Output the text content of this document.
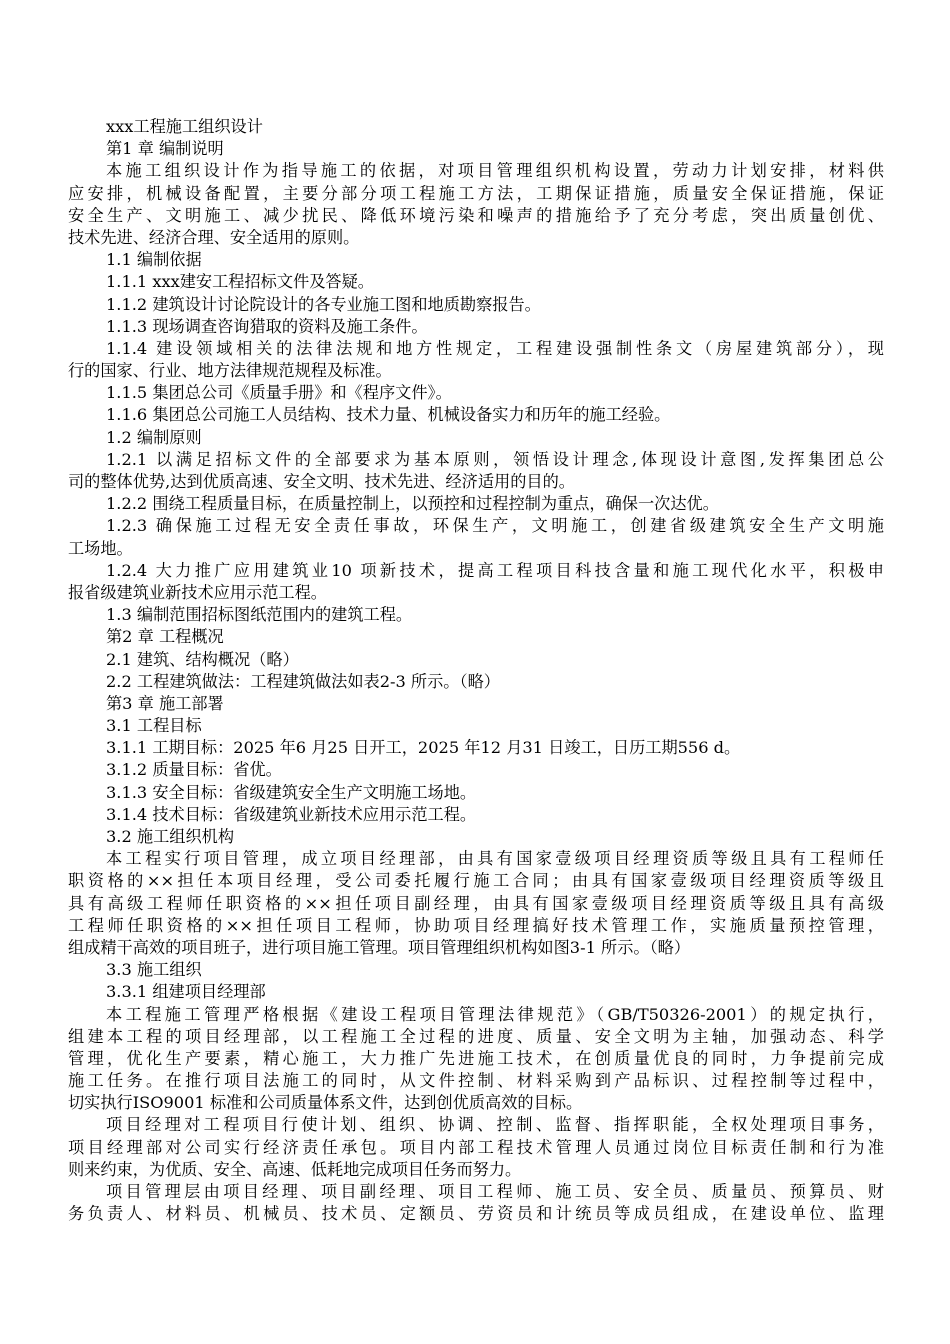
xxx工程施工组织设计
第1 章 编制说明
本施工组织设计作为指导施工的依据，对项目管理组织机构设置，劳动力计划安排，材料供
应安排，机械设备配置，主要分部分项工程施工方法，工期保证措施，质量安全保证措施，保证
安全生产、文明施工、减少扰民、降低环境污染和噪声的措施给予了充分考虑，突出质量创优、
技术先进、经济合理、安全适用的原则。
1.1 编制依据
1.1.1 xxx建安工程招标文件及答疑。
1.1.2 建筑设计讨论院设计的各专业施工图和地质勘察报告。
1.1.3 现场调查咨询猎取的资料及施工条件。
1.1.4 建设领域相关的法律法规和地方性规定，工程建设强制性条文（房屋建筑部分），现
行的国家、行业、地方法律规范规程及标准。
1.1.5 集团总公司《质量手册》和《程序文件》。
1.1.6 集团总公司施工人员结构、技术力量、机械设备实力和历年的施工经验。
1.2 编制原则
1.2.1 以满足招标文件的全部要求为基本原则，领悟设计理念,体现设计意图,发挥集团总公
司的整体优势,达到优质高速、安全文明、技术先进、经济适用的目的。
1.2.2 围绕工程质量目标，在质量控制上，以预控和过程控制为重点，确保一次达优。
1.2.3 确保施工过程无安全责任事故，环保生产，文明施工，创建省级建筑安全生产文明施
工场地。
1.2.4 大力推广应用建筑业10 项新技术，提高工程项目科技含量和施工现代化水平，积极申
报省级建筑业新技术应用示范工程。
1.3 编制范围招标图纸范围内的建筑工程。
第2 章 工程概况
2.1 建筑、结构概况（略）
2.2 工程建筑做法：工程建筑做法如表2-3 所示。（略）
第3 章 施工部署
3.1 工程目标
3.1.1 工期目标：2025 年6 月25 日开工，2025 年12 月31 日竣工，日历工期556 d。
3.1.2 质量目标：省优。
3.1.3 安全目标：省级建筑安全生产文明施工场地。
3.1.4 技术目标：省级建筑业新技术应用示范工程。
3.2 施工组织机构
本工程实行项目管理，成立项目经理部，由具有国家壹级项目经理资质等级且具有工程师任
职资格的××担任本项目经理，受公司委托履行施工合同；由具有国家壹级项目经理资质等级且
具有高级工程师任职资格的××担任项目副经理，由具有国家壹级项目经理资质等级且具有高级
工程师任职资格的××担任项目工程师，协助项目经理搞好技术管理工作，实施质量预控管理，
组成精干高效的项目班子，进行项目施工管理。项目管理组织机构如图3-1 所示。（略）
3.3 施工组织
3.3.1 组建项目经理部
本工程施工管理严格根据《建设工程项目管理法律规范》（GB/T50326-2001）的规定执行，
组建本工程的项目经理部，以工程施工全过程的进度、质量、安全文明为主轴，加强动态、科学
管理，优化生产要素，精心施工，大力推广先进施工技术，在创质量优良的同时，力争提前完成
施工任务。在推行项目法施工的同时，从文件控制、材料采购到产品标识、过程控制等过程中，
切实执行ISO9001 标准和公司质量体系文件，达到创优质高效的目标。
项目经理对工程项目行使计划、组织、协调、控制、监督、指挥职能，全权处理项目事务，
项目经理部对公司实行经济责任承包。项目内部工程技术管理人员通过岗位目标责任制和行为准
则来约束，为优质、安全、高速、低耗地完成项目任务而努力。
项目管理层由项目经理、项目副经理、项目工程师、施工员、安全员、质量员、预算员、财
务负责人、材料员、机械员、技术员、定额员、劳资员和计统员等成员组成，在建设单位、监理
